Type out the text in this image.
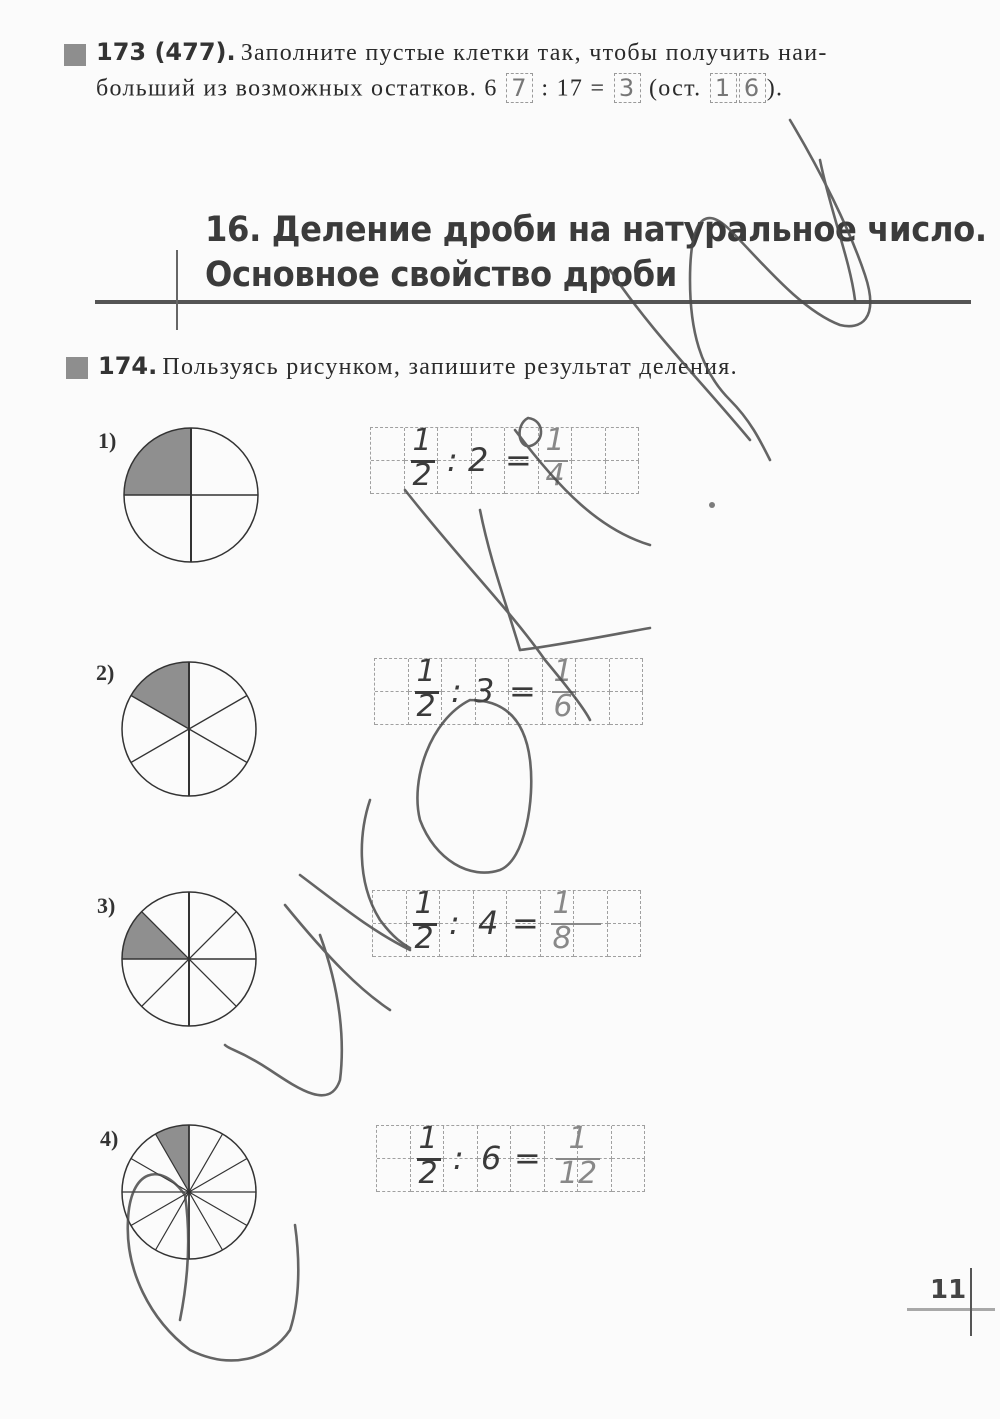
173 (477). Заполните пустые клетки так, чтобы получить наи-
больший из возможных остатков. 6 7 : 17 = 3 (ост. 1 6 ).
16. Деление дроби на натуральное число.
Основное свойство дроби
174. Пользуясь рисунком, запишите результат деления.
1)
2)
3)
4)
1
2 : 2 =
1
4
1
2 : 3 =
1
6
1
2 : 4 =
1
8
1
2 : 6 =
1
12
11
